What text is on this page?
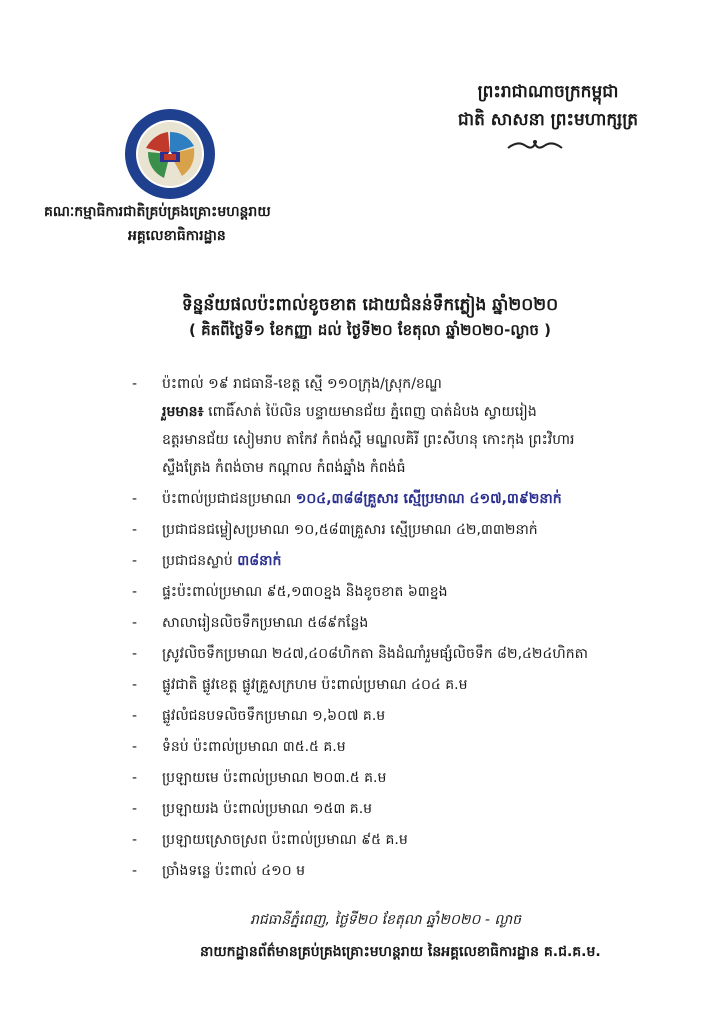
គណៈកម្មាធិការជាតិគ្រប់គ្រងគ្រោះមហន្តរាយ
អគ្គលេខាធិការដ្ឋាន
ព្រះរាជាណាចក្រកម្ពុជា
ជាតិ សាសនា ព្រះមហាក្សត្រ
ទិន្នន័យផលប៉ះពាល់ខូចខាត ដោយជំនន់ទឹកភ្លៀង ឆ្នាំ២០២០
( គិតពីថ្ងៃទី១ ខែកញ្ញា ដល់ ថ្ងៃទី២០ ខែតុលា ឆ្នាំ២០២០-ល្ងាច )
- ប៉ះពាល់ ១៩ រាជធានី-ខេត្ត ស្មើ ១១០ក្រុង/ស្រុក/ខណ្ឌ
រួមមាន៖ ពោធិ៍សាត់ ប៉ៃលិន បន្ទាយមានជ័យ ភ្នំពេញ បាត់ដំបង ស្វាយរៀង
ឧត្តរមានជ័យ សៀមរាប តាកែវ កំពង់ស្ពឺ មណ្ឌលគិរី ព្រះសីហនុ កោះកុង ព្រះវិហារ
ស្ទឹងត្រែង កំពង់ចាម កណ្តាល កំពង់ឆ្នាំង កំពង់ធំ
- ប៉ះពាល់ប្រជាជនប្រមាណ ១០៤,៣៨៨គ្រួសារ ស្មើប្រមាណ ៤១៧,៣៩២នាក់
- ប្រជាជនជម្លៀសប្រមាណ ១០,៥៨៣គ្រួសារ ស្មើប្រមាណ ៤២,៣៣២នាក់
- ប្រជាជនស្លាប់ ៣៨នាក់
- ផ្ទះប៉ះពាល់ប្រមាណ ៩៥,១៣០ខ្នង និងខូចខាត ៦៣ខ្នង
- សាលារៀនលិចទឹកប្រមាណ ៥៨៩កន្លែង
- ស្រូវលិចទឹកប្រមាណ ២៤៧,៤០៨ហិកតា និងដំណាំរួមផ្សំលិចទឹក ៨២,៤២៤ហិកតា
- ផ្លូវជាតិ ផ្លូវខេត្ត ផ្លូវគ្រួសក្រហម ប៉ះពាល់ប្រមាណ ៤០៤ គ.ម
- ផ្លូវលំជនបទលិចទឹកប្រមាណ ១,៦០៧ គ.ម
- ទំនប់ ប៉ះពាល់ប្រមាណ ៣៥.៥ គ.ម
- ប្រឡាយមេ ប៉ះពាល់ប្រមាណ ២០៣.៥ គ.ម
- ប្រឡាយរង ប៉ះពាល់ប្រមាណ ១៥៣ គ.ម
- ប្រឡាយស្រោចស្រព ប៉ះពាល់ប្រមាណ ៩៥ គ.ម
- ច្រាំងទន្លេ ប៉ះពាល់ ៤១០ ម
រាជធានីភ្នំពេញ, ថ្ងៃទី២០ ខែតុលា ឆ្នាំ២០២០ - ល្ងាច
នាយកដ្ឋានព័ត៌មានគ្រប់គ្រងគ្រោះមហន្តរាយ នៃអគ្គលេខាធិការដ្ឋាន គ.ជ.គ.ម.
